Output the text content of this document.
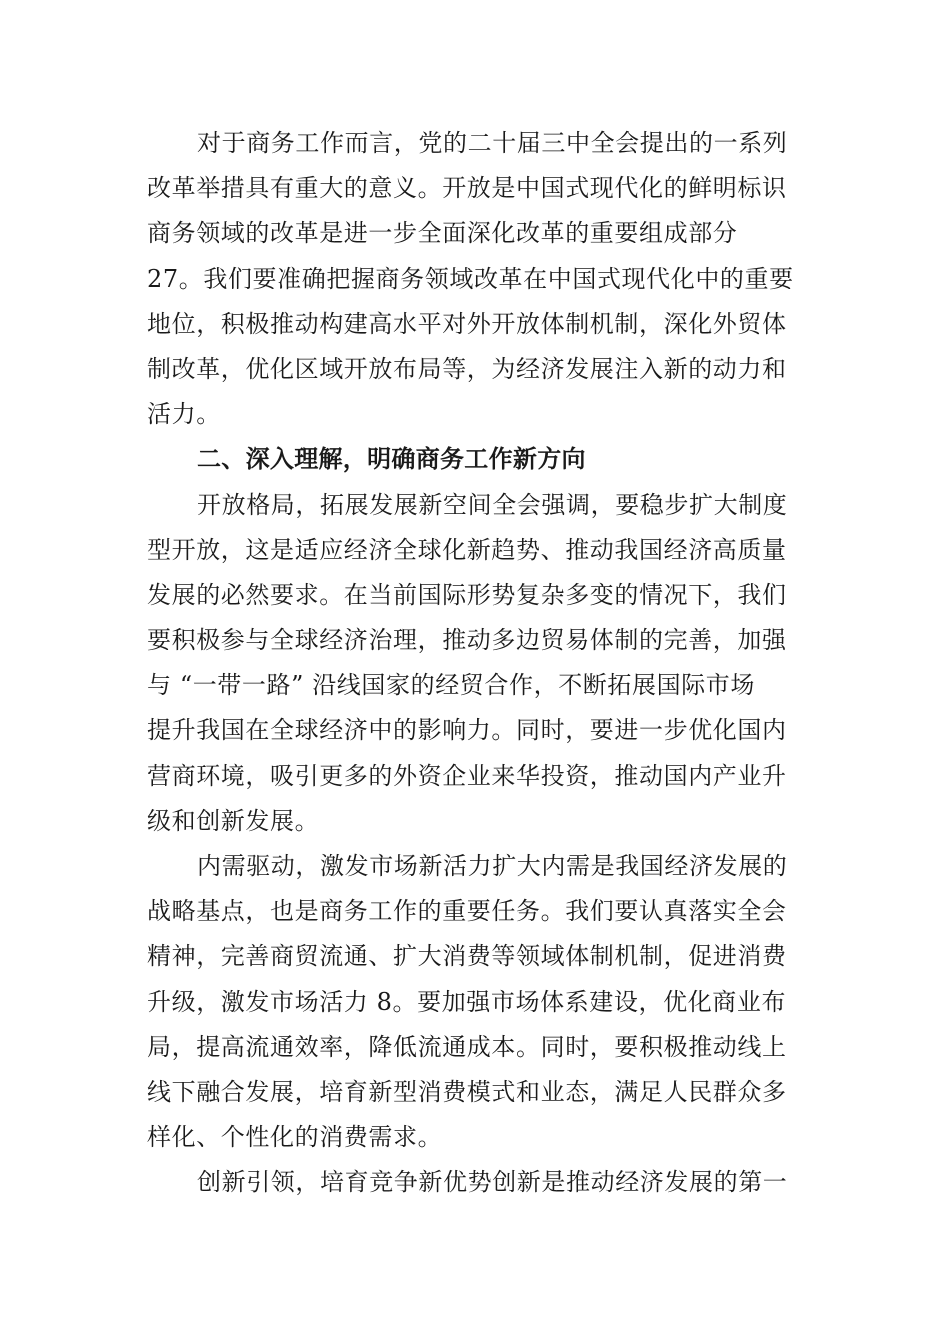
对于商务工作而言，党的二十届三中全会提出的一系列
改革举措具有重大的意义。开放是中国式现代化的鲜明标识
商务领域的改革是进一步全面深化改革的重要组成部分
27。我们要准确把握商务领域改革在中国式现代化中的重要
地位，积极推动构建高水平对外开放体制机制，深化外贸体
制改革，优化区域开放布局等，为经济发展注入新的动力和
活力。
二、深入理解，明确商务工作新方向
开放格局，拓展发展新空间全会强调，要稳步扩大制度
型开放，这是适应经济全球化新趋势、推动我国经济高质量
发展的必然要求。在当前国际形势复杂多变的情况下，我们
要积极参与全球经济治理，推动多边贸易体制的完善，加强
与 “一带一路” 沿线国家的经贸合作，不断拓展国际市场
提升我国在全球经济中的影响力。同时，要进一步优化国内
营商环境，吸引更多的外资企业来华投资，推动国内产业升
级和创新发展。
内需驱动，激发市场新活力扩大内需是我国经济发展的
战略基点，也是商务工作的重要任务。我们要认真落实全会
精神，完善商贸流通、扩大消费等领域体制机制，促进消费
升级，激发市场活力 8。要加强市场体系建设，优化商业布
局，提高流通效率，降低流通成本。同时，要积极推动线上
线下融合发展，培育新型消费模式和业态，满足人民群众多
样化、个性化的消费需求。
创新引领，培育竞争新优势创新是推动经济发展的第一
